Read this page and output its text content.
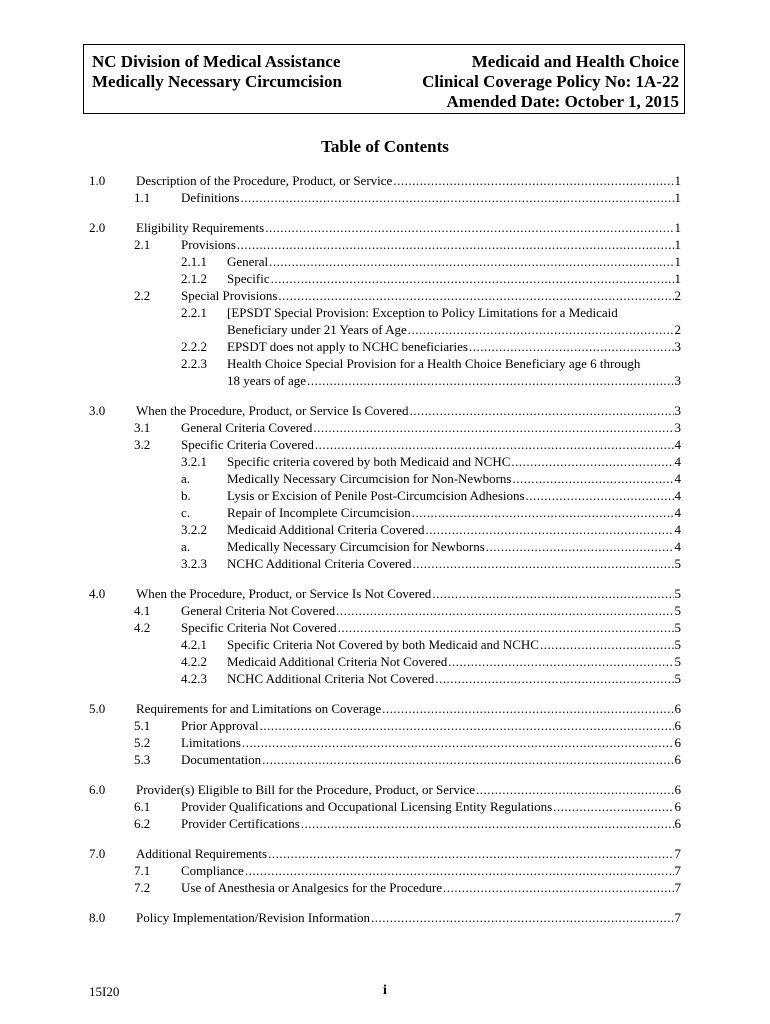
NC Division of Medical Assistance
Medically Necessary Circumcision
Medicaid and Health Choice
Clinical Coverage Policy No: 1A-22
Amended Date: October 1, 2015
Table of Contents
1.0 Description of the Procedure, Product, or Service .....	1
1.1 Definitions .....	1
2.0 Eligibility Requirements .....	1
2.1 Provisions .....	1
2.1.1 General .....	1
2.1.2 Specific .....	1
2.2 Special Provisions .....	2
2.2.1 [EPSDT Special Provision: Exception to Policy Limitations for a Medicaid
Beneficiary under 21 Years of Age .....	2
2.2.2 EPSDT does not apply to NCHC beneficiaries .....	3
2.2.3 Health Choice Special Provision for a Health Choice Beneficiary age 6 through
18 years of age .....	3
3.0 When the Procedure, Product, or Service Is Covered .....	3
3.1 General Criteria Covered .....	3
3.2 Specific Criteria Covered .....	4
3.2.1 Specific criteria covered by both Medicaid and NCHC .....	4
a.	Medically Necessary Circumcision for Non-Newborns .....	4
b.	Lysis or Excision of Penile Post-Circumcision Adhesions .....	4
c.	Repair of Incomplete Circumcision .....	4
3.2.2 Medicaid Additional Criteria Covered .....	4
a.	Medically Necessary Circumcision for Newborns .....	4
3.2.3 NCHC Additional Criteria Covered .....	5
4.0 When the Procedure, Product, or Service Is Not Covered .....	5
4.1 General Criteria Not Covered .....	5
4.2 Specific Criteria Not Covered .....	5
4.2.1 Specific Criteria Not Covered by both Medicaid and NCHC .....	5
4.2.2 Medicaid Additional Criteria Not Covered .....	5
4.2.3 NCHC Additional Criteria Not Covered .....	5
5.0 Requirements for and Limitations on Coverage .....	6
5.1 Prior Approval .....	6
5.2 Limitations .....	6
5.3 Documentation .....	6
6.0 Provider(s) Eligible to Bill for the Procedure, Product, or Service .....	6
6.1 Provider Qualifications and Occupational Licensing Entity Regulations .....	6
6.2 Provider Certifications .....	6
7.0 Additional Requirements .....	7
7.1 Compliance .....	7
7.2 Use of Anesthesia or Analgesics for the Procedure .....	7
8.0 Policy Implementation/Revision Information .....	7
15I20	i
